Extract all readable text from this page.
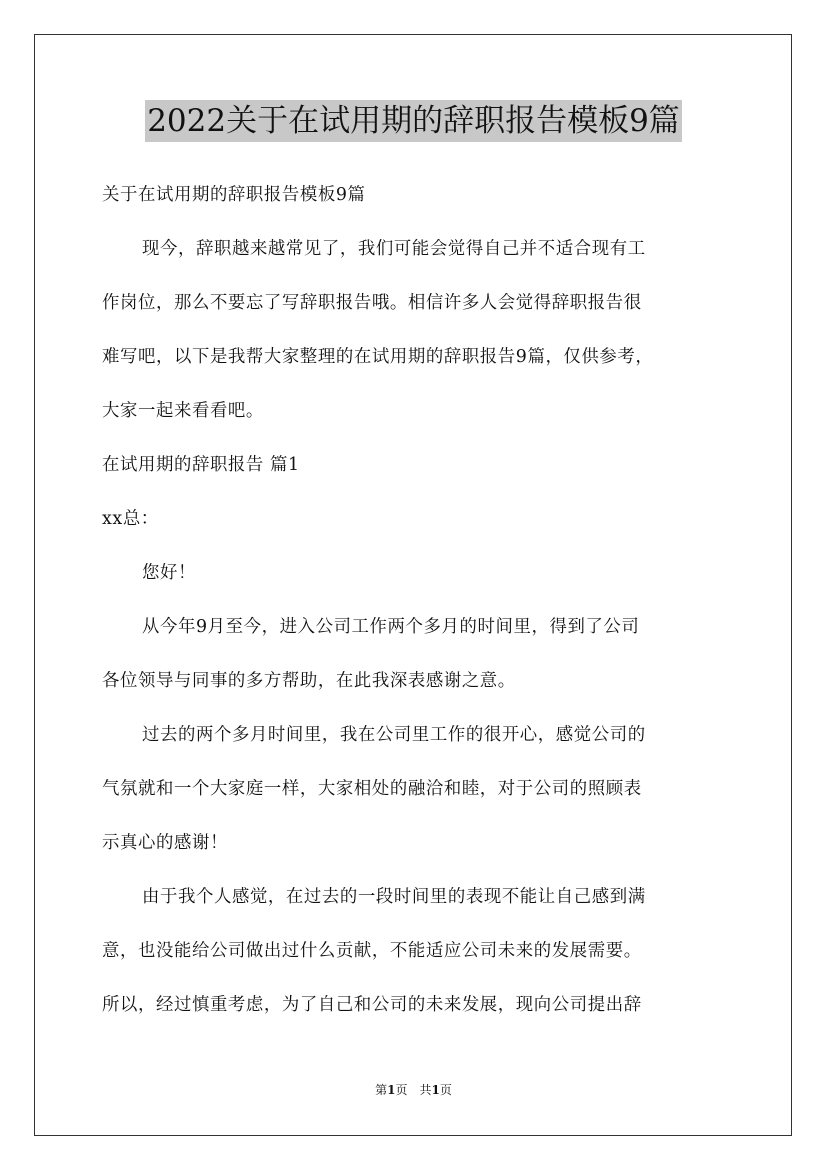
2022关于在试用期的辞职报告模板9篇
关于在试用期的辞职报告模板9篇
现今，辞职越来越常见了，我们可能会觉得自己并不适合现有工
作岗位，那么不要忘了写辞职报告哦。相信许多人会觉得辞职报告很
难写吧，以下是我帮大家整理的在试用期的辞职报告9篇，仅供参考，
大家一起来看看吧。
在试用期的辞职报告 篇1
xx总：
您好！
从今年9月至今，进入公司工作两个多月的时间里，得到了公司
各位领导与同事的多方帮助，在此我深表感谢之意。
过去的两个多月时间里，我在公司里工作的很开心，感觉公司的
气氛就和一个大家庭一样，大家相处的融洽和睦，对于公司的照顾表
示真心的感谢！
由于我个人感觉，在过去的一段时间里的表现不能让自己感到满
意，也没能给公司做出过什么贡献，不能适应公司未来的发展需要。
所以，经过慎重考虑，为了自己和公司的未来发展，现向公司提出辞
第1页　共1页
